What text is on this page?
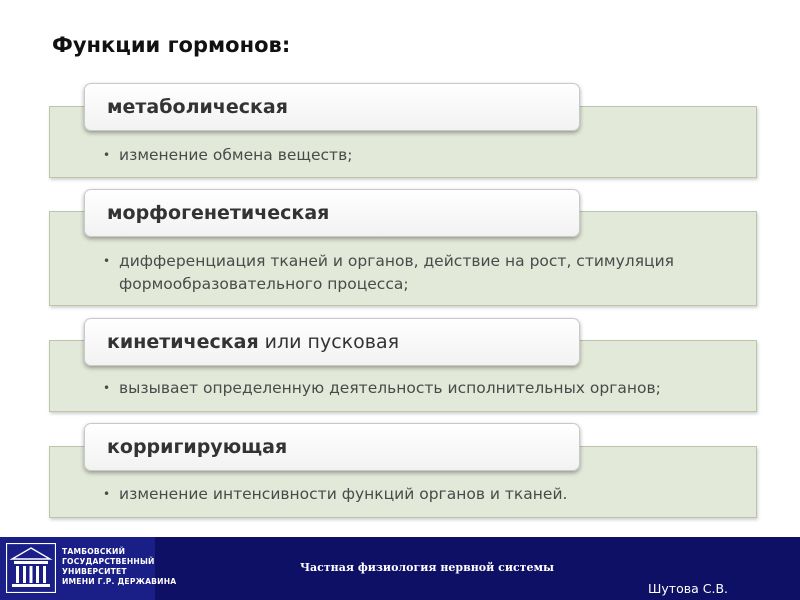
Функции гормонов:
• изменение обмена веществ;
метаболическая
• дифференциация тканей и органов, действие на рост, стимуляция формообразовательного процесса;
морфогенетическая
• вызывает определенную деятельность исполнительных органов;
кинетическая или пусковая
• изменение интенсивности функций органов и тканей.
корригирующая
ТАМБОВСКИЙ
ГОСУДАРСТВЕННЫЙ
УНИВЕРСИТЕТ
ИМЕНИ Г.Р. ДЕРЖАВИНА
Частная физиология нервной системы
Шутова С.В.
